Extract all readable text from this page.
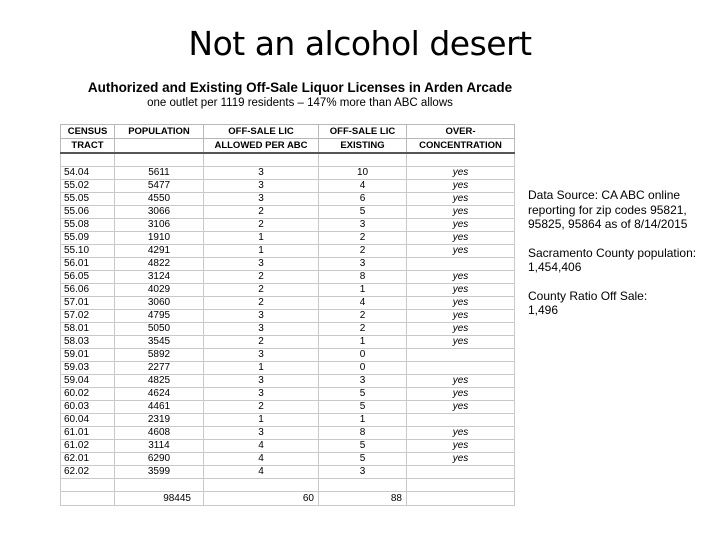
Not an alcohol desert
Authorized and Existing Off-Sale Liquor Licenses in Arden Arcade
one outlet per 1119 residents – 147% more than ABC allows
CENSUS	POPULATION	OFF-SALE LIC	OFF-SALE LIC	OVER-
TRACT		ALLOWED PER ABC	EXISTING	CONCENTRATION

54.04	5611	3	10	yes
55.02	5477	3	4	yes
55.05	4550	3	6	yes
55.06	3066	2	5	yes
55.08	3106	2	3	yes
55.09	1910	1	2	yes
55.10	4291	1	2	yes
56.01	4822	3	3	
56.05	3124	2	8	yes
56.06	4029	2	1	yes
57.01	3060	2	4	yes
57.02	4795	3	2	yes
58.01	5050	3	2	yes
58.03	3545	2	1	yes
59.01	5892	3	0	
59.03	2277	1	0	
59.04	4825	3	3	yes
60.02	4624	3	5	yes
60.03	4461	2	5	yes
60.04	2319	1	1	
61.01	4608	3	8	yes
61.02	3114	4	5	yes
62.01	6290	4	5	yes
62.02	3599	4	3	

	98445	60	88	

Data Source: CA ABC online reporting for zip codes 95821, 95825, 95864 as of 8/14/2015

Sacramento County population:
1,454,406

County Ratio Off Sale:
1,496
